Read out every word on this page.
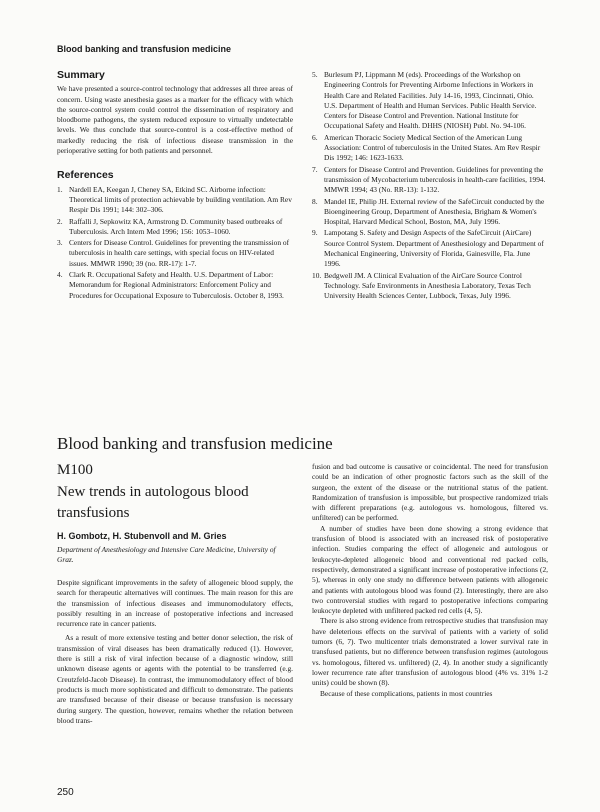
Blood banking and transfusion medicine
Summary

We have presented a source-control technology that addresses all three areas of concern. Using waste anesthesia gases as a marker for the efficacy with which the source-control system could control the dissemination of respiratory and bloodborne pathogens, the system reduced exposure to virtually undetectable levels. We thus conclude that source-control is a cost-effective method of markedly reducing the risk of infectious disease transmission in the perioperative setting for both patients and personnel.

References
1. Nardell EA, Keegan J, Cheney SA, Etkind SC. Airborne infection: Theoretical limits of protection achievable by building ventilation. Am Rev Respir Dis 1991; 144: 302–306.
2. Raffalli J, Sepkowitz KA, Armstrong D. Community based outbreaks of Tuberculosis. Arch Intern Med 1996; 156: 1053–1060.
3. Centers for Disease Control. Guidelines for preventing the transmission of tuberculosis in health care settings, with special focus on HIV-related issues. MMWR 1990; 39 (no. RR-17): 1-7.
4. Clark R. Occupational Safety and Health. U.S. Department of Labor: Memorandum for Regional Administrators: Enforcement Policy and Procedures for Occupational Exposure to Tuberculosis. October 8, 1993.
5. Burlesum PJ, Lippmann M (eds). Proceedings of the Workshop on Engineering Controls for Preventing Airborne Infections in Workers in Health Care and Related Facilities. July 14-16, 1993, Cincinnati, Ohio. U.S. Department of Health and Human Services. Public Health Service. Centers for Disease Control and Prevention. National Institute for Occupational Safety and Health. DHHS (NIOSH) Publ. No. 94-106.
6. American Thoracic Society Medical Section of the American Lung Association: Control of tuberculosis in the United States. Am Rev Respir Dis 1992; 146: 1623-1633.
7. Centers for Disease Control and Prevention. Guidelines for preventing the transmission of Mycobacterium tuberculosis in health-care facilities, 1994. MMWR 1994; 43 (No. RR-13): 1-132.
8. Mandel IE, Philip JH. External review of the SafeCircuit conducted by the Bioengineering Group, Department of Anesthesia, Brigham & Women's Hospital, Harvard Medical School, Boston, MA, July 1996.
9. Lampotang S. Safety and Design Aspects of the SafeCircuit (AirCare) Source Control System. Department of Anesthesiology and Department of Mechanical Engineering, University of Florida, Gainesville, Fla. June 1996.
10. Bedgwell JM. A Clinical Evaluation of the AirCare Source Control Technology. Safe Environments in Anesthesia Laboratory, Texas Tech University Health Sciences Center, Lubbock, Texas, July 1996.
Blood banking and transfusion medicine
M100
New trends in autologous blood transfusions
H. Gombotz, H. Stubenvoll and M. Gries
Department of Anesthesiology and Intensive Care Medicine, University of Graz.

Despite significant improvements in the safety of allogeneic blood supply, the search for therapeutic alternatives will continues. The main reason for this are the transmission of infectious diseases and immunomodulatory effects, possibly resulting in an increase of postoperative infections and increased recurrence rate in cancer patients.

As a result of more extensive testing and better donor selection, the risk of transmission of viral diseases has been dramatically reduced (1). However, there is still a risk of viral infection because of a diagnostic window, still unknown disease agents or agents with the potential to be transferred (e.g. Creutzfeld-Jacob Disease). In contrast, the immunomodulatory effect of blood products is much more sophisticated and difficult to demonstrate. The patients are transfused because of their disease or because transfusion is necessary during surgery. The question, however, remains whether the relation between blood trans-

fusion and bad outcome is causative or coincidental. The need for transfusion could be an indication of other prognostic factors such as the skill of the surgeon, the extent of the disease or the nutritional status of the patient. Randomization of transfusion is impossible, but prospective randomized trials with different preparations (e.g. autologous vs. homologous, filtered vs. unfiltered) can be performed.

A number of studies have been done showing a strong evidence that transfusion of blood is associated with an increased risk of postoperative infection. Studies comparing the effect of allogeneic and autologous or leukocyte-depleted allogeneic blood and conventional red packed cells, respectively, demonstrated a significant increase of postoperative infections (2, 5), whereas in only one study no difference between patients with allogeneic and patients with autologous blood was found (2). Interestingly, there are also two controversial studies with regard to postoperative infections comparing leukocyte depleted with unfiltered packed red cells (4, 5).

There is also strong evidence from retrospective studies that transfusion may have deleterious effects on the survival of patients with a variety of solid tumors (6, 7). Two multicenter trials demonstrated a lower survival rate in transfused patients, but no difference between transfusion regimes (autologous vs. homologous, filtered vs. unfiltered) (2, 4). In another study a significantly lower recurrence rate after transfusion of autologous blood (4% vs. 31% 1-2 units) could be shown (8).

Because of these complications, patients in most countries

250
